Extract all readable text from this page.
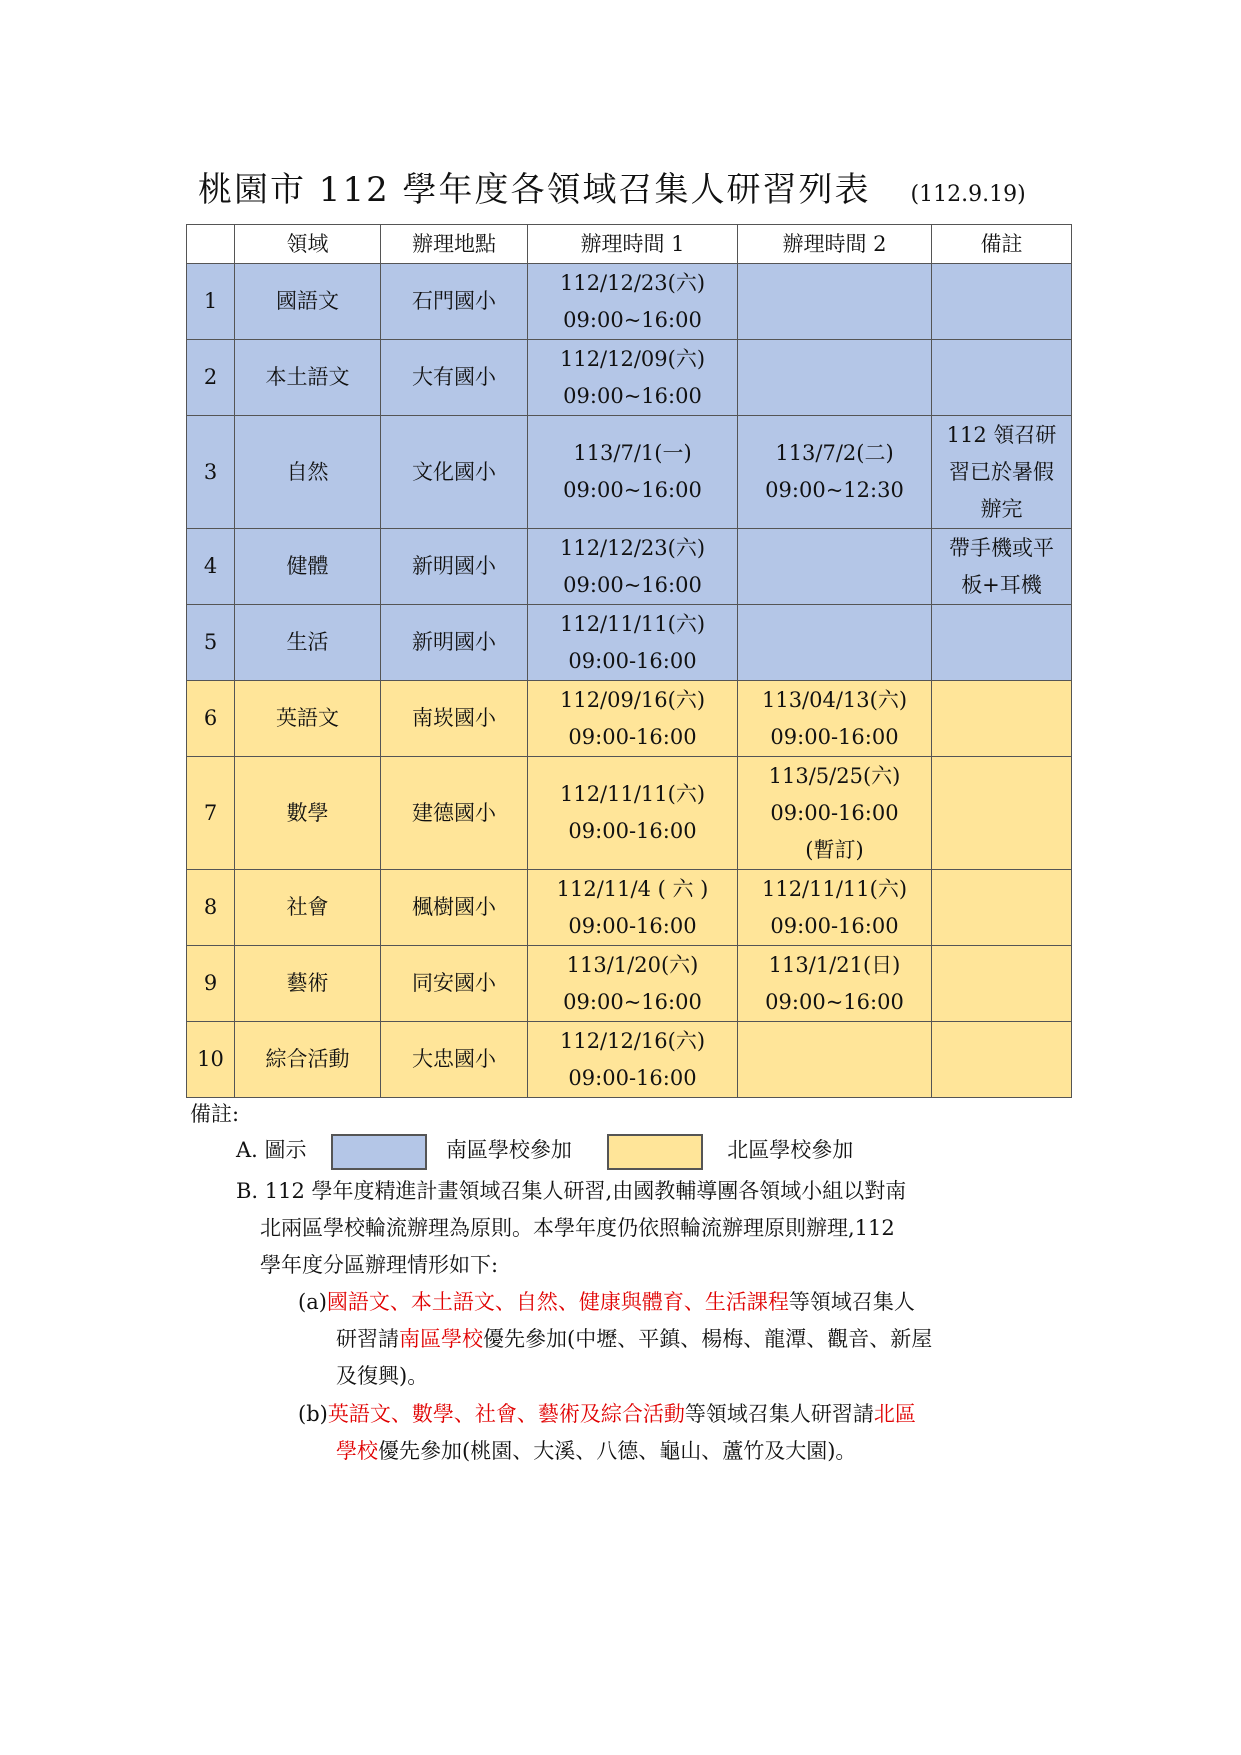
桃園市 112 學年度各領域召集人研習列表 (112.9.19)
	領域	辦理地點	辦理時間 1	辦理時間 2	備註
1	國語文	石門國小	112/12/23(六)
09:00~16:00		

2	本土語文	大有國小	112/12/09(六)
09:00~16:00		

3	自然	文化國小	113/7/1(一)
09:00~16:00	113/7/2(二)
09:00~12:30	112 領召研
習已於暑假
辦完

4	健體	新明國小	112/12/23(六)
09:00~16:00		帶手機或平
板+耳機

5	生活	新明國小	112/11/11(六)
09:00-16:00		

6	英語文	南崁國小	112/09/16(六)
09:00-16:00	113/04/13(六)
09:00-16:00	

7	數學	建德國小	112/11/11(六)
09:00-16:00	113/5/25(六)
09:00-16:00
(暫訂)	

8	社會	楓樹國小	112/11/4 ( 六 )
09:00-16:00	112/11/11(六)
09:00-16:00	

9	藝術	同安國小	113/1/20(六)
09:00~16:00	113/1/21(日)
09:00~16:00	

10	綜合活動	大忠國小	112/12/16(六)
09:00-16:00		

備註:
A. 圖示	南區學校參加	北區學校參加
B. 112 學年度精進計畫領域召集人研習,由國教輔導團各領域小組以對南
北兩區學校輪流辦理為原則。本學年度仍依照輪流辦理原則辦理,112
學年度分區辦理情形如下:
(a)國語文、本土語文、自然、健康與體育、生活課程等領域召集人
研習請南區學校優先參加(中壢、平鎮、楊梅、龍潭、觀音、新屋
及復興)。
(b)英語文、數學、社會、藝術及綜合活動等領域召集人研習請北區
學校優先參加(桃園、大溪、八德、龜山、蘆竹及大園)。
